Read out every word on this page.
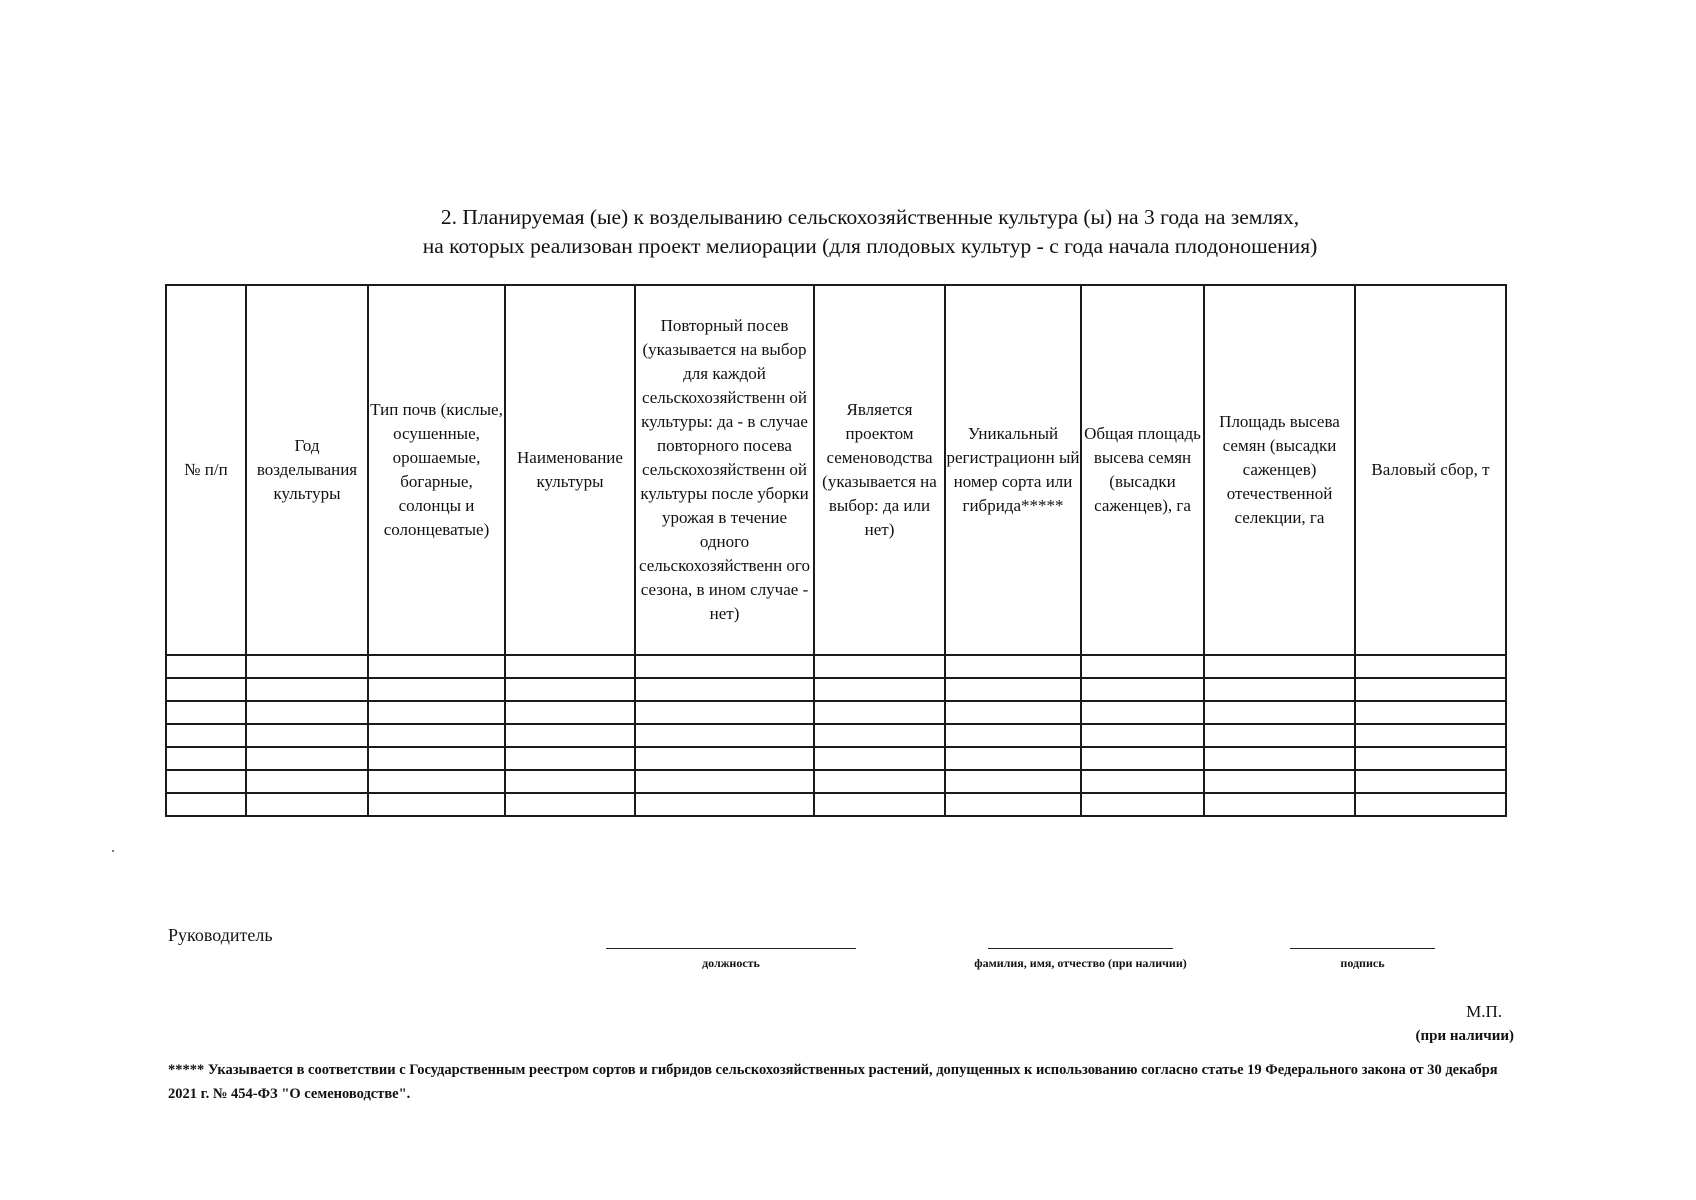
2. Планируемая (ые) к возделыванию сельскохозяйственные культура (ы) на 3 года на землях,
на которых реализован проект мелиорации (для плодовых культур - с года начала плодоношения)
№ п/п	Год возделывания культуры	Тип почв (кислые, осушенные, орошаемые, богарные, солонцы и солонцеватые)	Наименование культуры	Повторный посев (указывается на выбор для каждой сельскохозяйственн ой культуры: да - в случае повторного посева сельскохозяйственн ой культуры после уборки урожая в течение одного сельскохозяйственн ого сезона, в ином случае - нет)	Является проектом семеноводства (указывается на выбор: да или нет)	Уникальный регистрационн ый номер сорта или гибрида*****	Общая площадь высева семян (высадки саженцев), га	Площадь высева семян (высадки саженцев) отечественной селекции, га	Валовый сбор, т

Руководитель
должность	фамилия, имя, отчество (при наличии)	подпись
М.П.
(при наличии)
***** Указывается в соответствии с Государственным реестром сортов и гибридов сельскохозяйственных растений, допущенных к использованию согласно статье 19 Федерального закона от 30 декабря 2021 г. № 454-ФЗ "О семеноводстве".
